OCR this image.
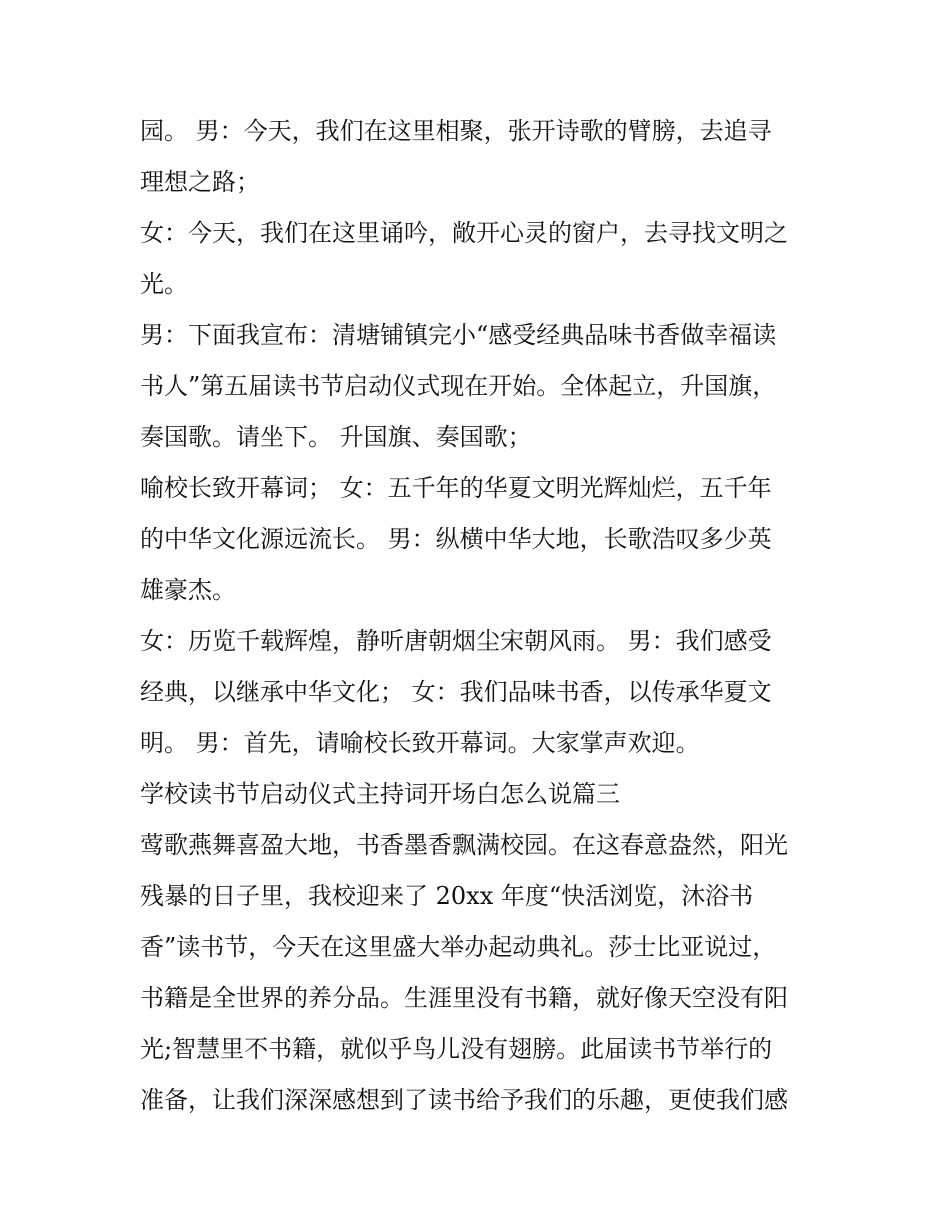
园。 男：今天，我们在这里相聚，张开诗歌的臂膀，去追寻
理想之路；
女：今天，我们在这里诵吟，敞开心灵的窗户，去寻找文明之
光。
男：下面我宣布：清塘铺镇完小“感受经典品味书香做幸福读
书人”第五届读书节启动仪式现在开始。全体起立，升国旗，
奏国歌。请坐下。 升国旗、奏国歌；
喻校长致开幕词； 女：五千年的华夏文明光辉灿烂，五千年
的中华文化源远流长。 男：纵横中华大地，长歌浩叹多少英
雄豪杰。
女：历览千载辉煌，静听唐朝烟尘宋朝风雨。 男：我们感受
经典，以继承中华文化； 女：我们品味书香，以传承华夏文
明。 男：首先，请喻校长致开幕词。大家掌声欢迎。
学校读书节启动仪式主持词开场白怎么说篇三
莺歌燕舞喜盈大地，书香墨香飘满校园。在这春意盎然，阳光
残暴的日子里，我校迎来了 20xx 年度“快活浏览，沐浴书
香”读书节，今天在这里盛大举办起动典礼。莎士比亚说过，
书籍是全世界的养分品。生涯里没有书籍，就好像天空没有阳
光;智慧里不书籍，就似乎鸟儿没有翅膀。此届读书节举行的
准备，让我们深深感想到了读书给予我们的乐趣，更使我们感
